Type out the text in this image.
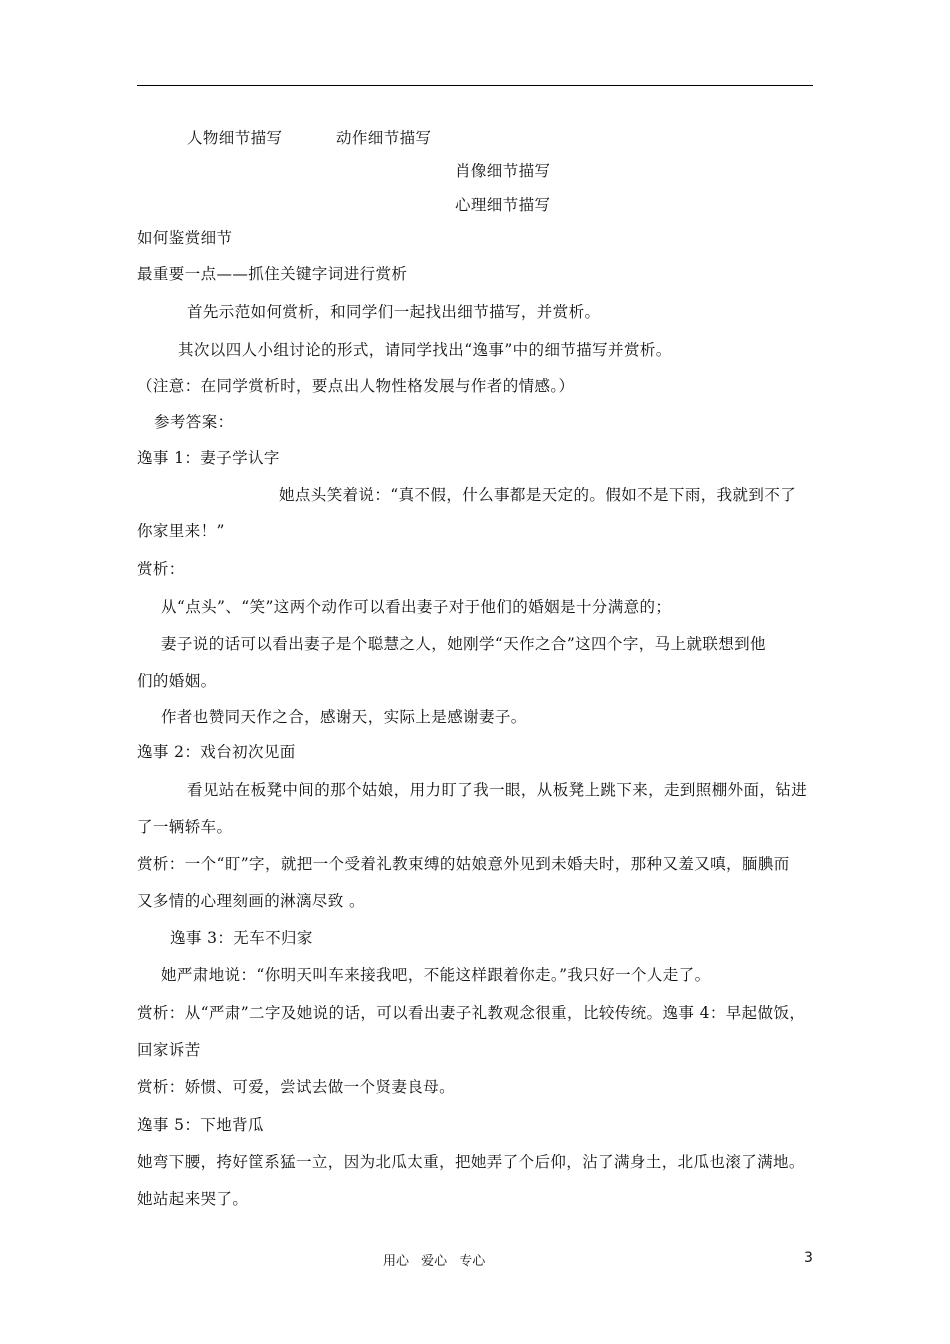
人物细节描写	动作细节描写
肖像细节描写
心理细节描写
如何鉴赏细节
最重要一点——抓住关键字词进行赏析
首先示范如何赏析，和同学们一起找出细节描写，并赏析。
其次以四人小组讨论的形式，请同学找出“逸事”中的细节描写并赏析。
（注意：在同学赏析时，要点出人物性格发展与作者的情感。）
参考答案：
逸事 1：妻子学认字
她点头笑着说：“真不假，什么事都是天定的。假如不是下雨，我就到不了
你家里来！”
赏析：
从“点头”、“笑”这两个动作可以看出妻子对于他们的婚姻是十分满意的；
妻子说的话可以看出妻子是个聪慧之人，她刚学“天作之合”这四个字，马上就联想到他
们的婚姻。
作者也赞同天作之合，感谢天，实际上是感谢妻子。
逸事 2：戏台初次见面
看见站在板凳中间的那个姑娘，用力盯了我一眼，从板凳上跳下来，走到照棚外面，钻进
了一辆轿车。
赏析：一个“盯”字，就把一个受着礼教束缚的姑娘意外见到未婚夫时，那种又羞又嗔，腼腆而
又多情的心理刻画的淋漓尽致 。
逸事 3：无车不归家
她严肃地说：“你明天叫车来接我吧，不能这样跟着你走。”我只好一个人走了。
赏析：从“严肃”二字及她说的话，可以看出妻子礼教观念很重，比较传统。逸事 4：早起做饭，
回家诉苦
赏析：娇惯、可爱，尝试去做一个贤妻良母。
逸事 5：下地背瓜
她弯下腰，挎好筐系猛一立，因为北瓜太重，把她弄了个后仰，沾了满身土，北瓜也滚了满地。
她站起来哭了。
用心 爱心 专心	3
